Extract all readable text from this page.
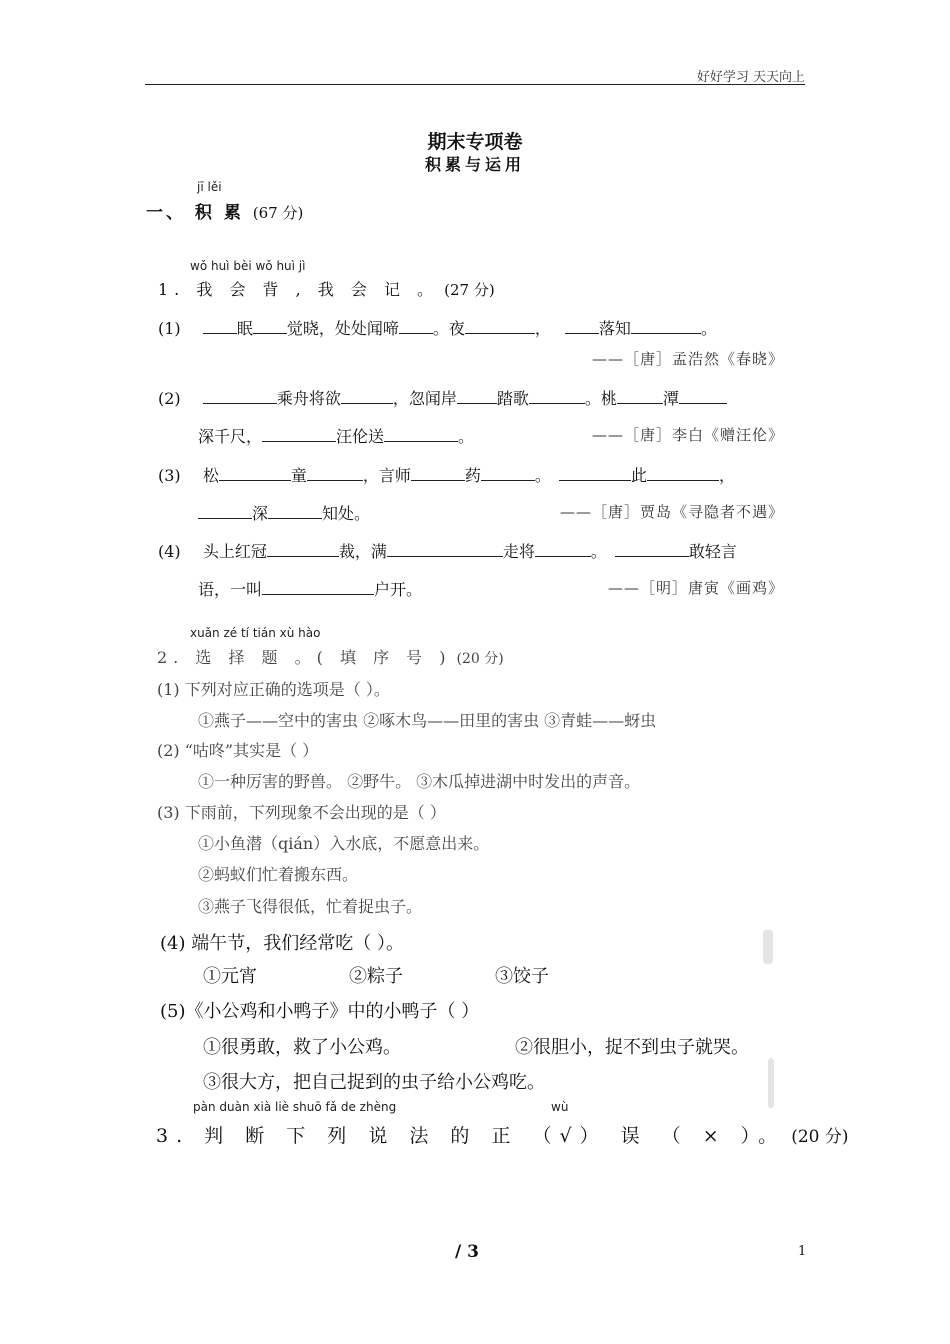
好好学习 天天向上
期末专项卷
积累与运用
jī lěi
一、 积 累 (67 分)
wǒ huì bèi wǒ huì jì
1. 我 会 背 , 我 会 记 。 (27 分)
(1)	眠 觉晓，处处闻啼 。夜	，	落知	。
——［唐］孟浩然《春晓》
(2)	乘舟将欲	，忽闻岸	踏歌	。桃	潭
深千尺，	汪伦送	。	——［唐］李白《赠汪伦》
(3) 松	童	，言师	药	。	此	，
深	知处。	——［唐］贾岛《寻隐者不遇》
(4) 头上红冠	裁，满	走将	。	敢轻言
语，一叫	户开。	——［明］唐寅《画鸡》
xuǎn zé tí tián xù hào
2. 选 择 题 。( 填 序 号 ) (20 分)
(1) 下列对应正确的选项是（ ）。
①燕子——空中的害虫 ②啄木鸟——田里的害虫 ③青蛙——蚜虫
(2) “咕咚”其实是（ ）
①一种厉害的野兽。 ②野牛。 ③木瓜掉进湖中时发出的声音。
(3) 下雨前，下列现象不会出现的是（ ）
①小鱼潜（qián）入水底，不愿意出来。
②蚂蚁们忙着搬东西。
③燕子飞得很低，忙着捉虫子。
(4) 端午节，我们经常吃（ ）。
①元宵	②粽子	③饺子
(5)《小公鸡和小鸭子》中的小鸭子（ ）
①很勇敢，救了小公鸡。	②很胆小，捉不到虫子就哭。
③很大方，把自己捉到的虫子给小公鸡吃。
pàn duàn xià liè shuō fǎ de zhèng	wù
3. 判 断 下 列 说 法 的 正 （√） 误 （ × ）。 (20 分)
/ 3	1
